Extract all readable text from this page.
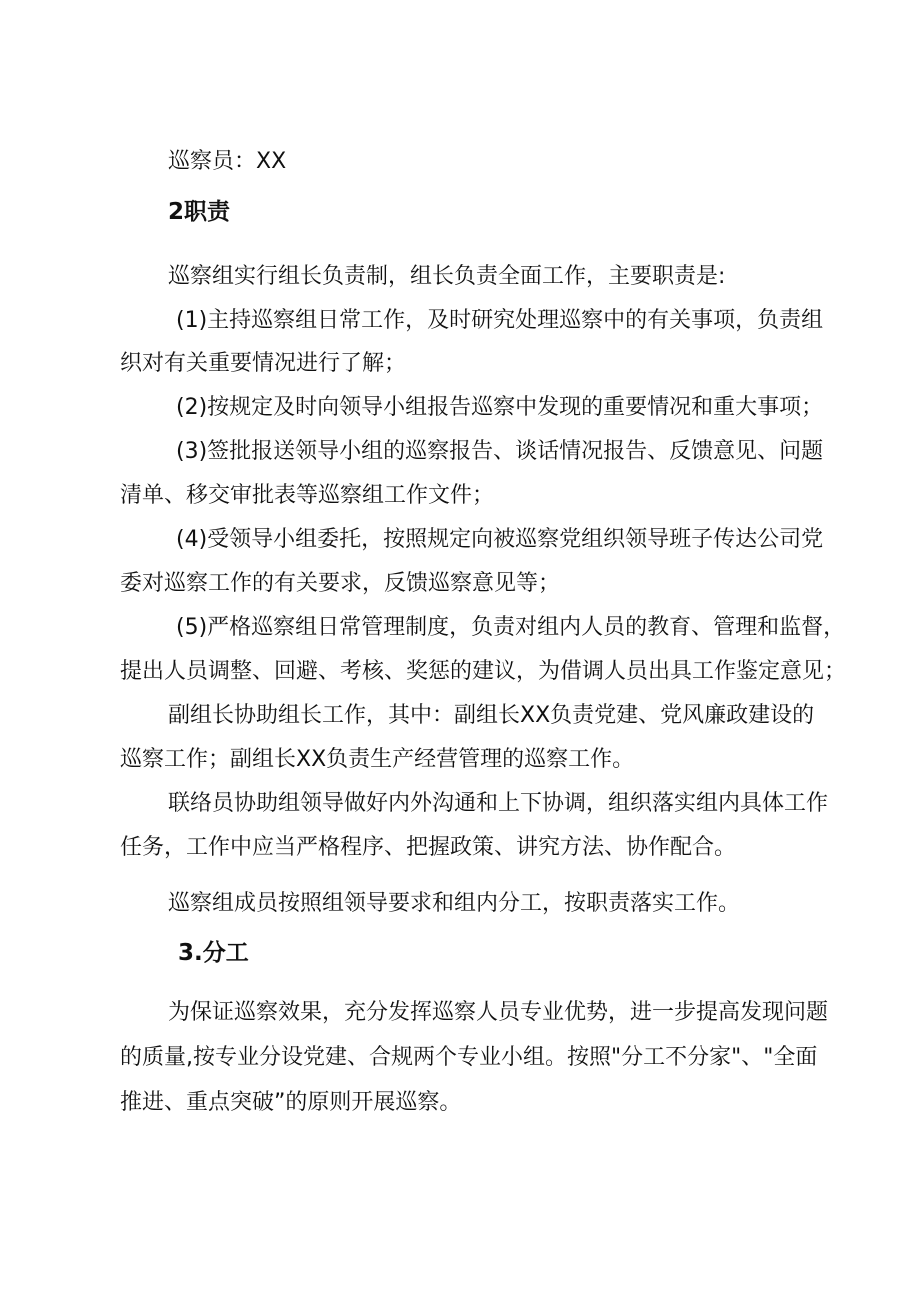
巡察员：XX
2职责
巡察组实行组长负责制，组长负责全面工作，主要职责是:
(1)主持巡察组日常工作，及时研究处理巡察中的有关事项，负责组
织对有关重要情况进行了解；
(2)按规定及时向领导小组报告巡察中发现的重要情况和重大事项；
(3)签批报送领导小组的巡察报告、谈话情况报告、反馈意见、问题
清单、移交审批表等巡察组工作文件；
(4)受领导小组委托，按照规定向被巡察党组织领导班子传达公司党
委对巡察工作的有关要求，反馈巡察意见等；
(5)严格巡察组日常管理制度，负责对组内人员的教育、管理和监督，
提出人员调整、回避、考核、奖惩的建议，为借调人员出具工作鉴定意见；
副组长协助组长工作，其中：副组长XX负责党建、党风廉政建设的
巡察工作；副组长XX负责生产经营管理的巡察工作。
联络员协助组领导做好内外沟通和上下协调，组织落实组内具体工作
任务，工作中应当严格程序、把握政策、讲究方法、协作配合。
巡察组成员按照组领导要求和组内分工，按职责落实工作。
3.分工
为保证巡察效果，充分发挥巡察人员专业优势，进一步提高发现问题
的质量,按专业分设党建、合规两个专业小组。按照"分工不分家"、"全面
推进、重点突破”的原则开展巡察。
